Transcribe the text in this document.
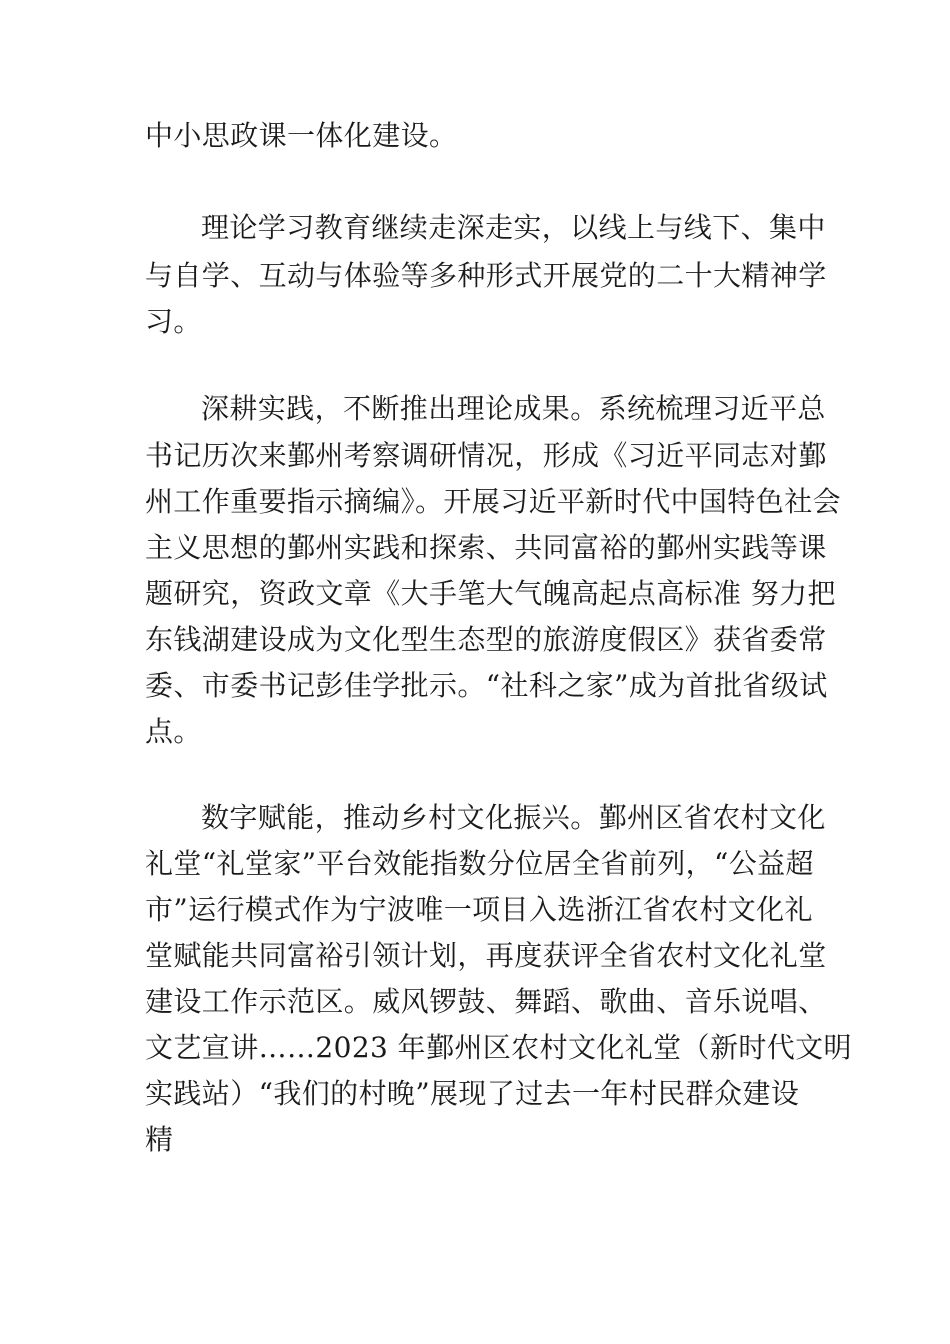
中小思政课一体化建设。
理论学习教育继续走深走实，以线上与线下、集中
与自学、互动与体验等多种形式开展党的二十大精神学
习。
深耕实践，不断推出理论成果。系统梳理习近平总
书记历次来鄞州考察调研情况，形成《习近平同志对鄞
州工作重要指示摘编》。开展习近平新时代中国特色社会
主义思想的鄞州实践和探索、共同富裕的鄞州实践等课
题研究，资政文章《大手笔大气魄高起点高标准 努力把
东钱湖建设成为文化型生态型的旅游度假区》获省委常
委、市委书记彭佳学批示。“社科之家”成为首批省级试
点。
数字赋能，推动乡村文化振兴。鄞州区省农村文化
礼堂“礼堂家”平台效能指数分位居全省前列，“公益超
市”运行模式作为宁波唯一项目入选浙江省农村文化礼
堂赋能共同富裕引领计划，再度获评全省农村文化礼堂
建设工作示范区。威风锣鼓、舞蹈、歌曲、音乐说唱、
文艺宣讲……2023 年鄞州区农村文化礼堂（新时代文明
实践站）“我们的村晚”展现了过去一年村民群众建设
精
